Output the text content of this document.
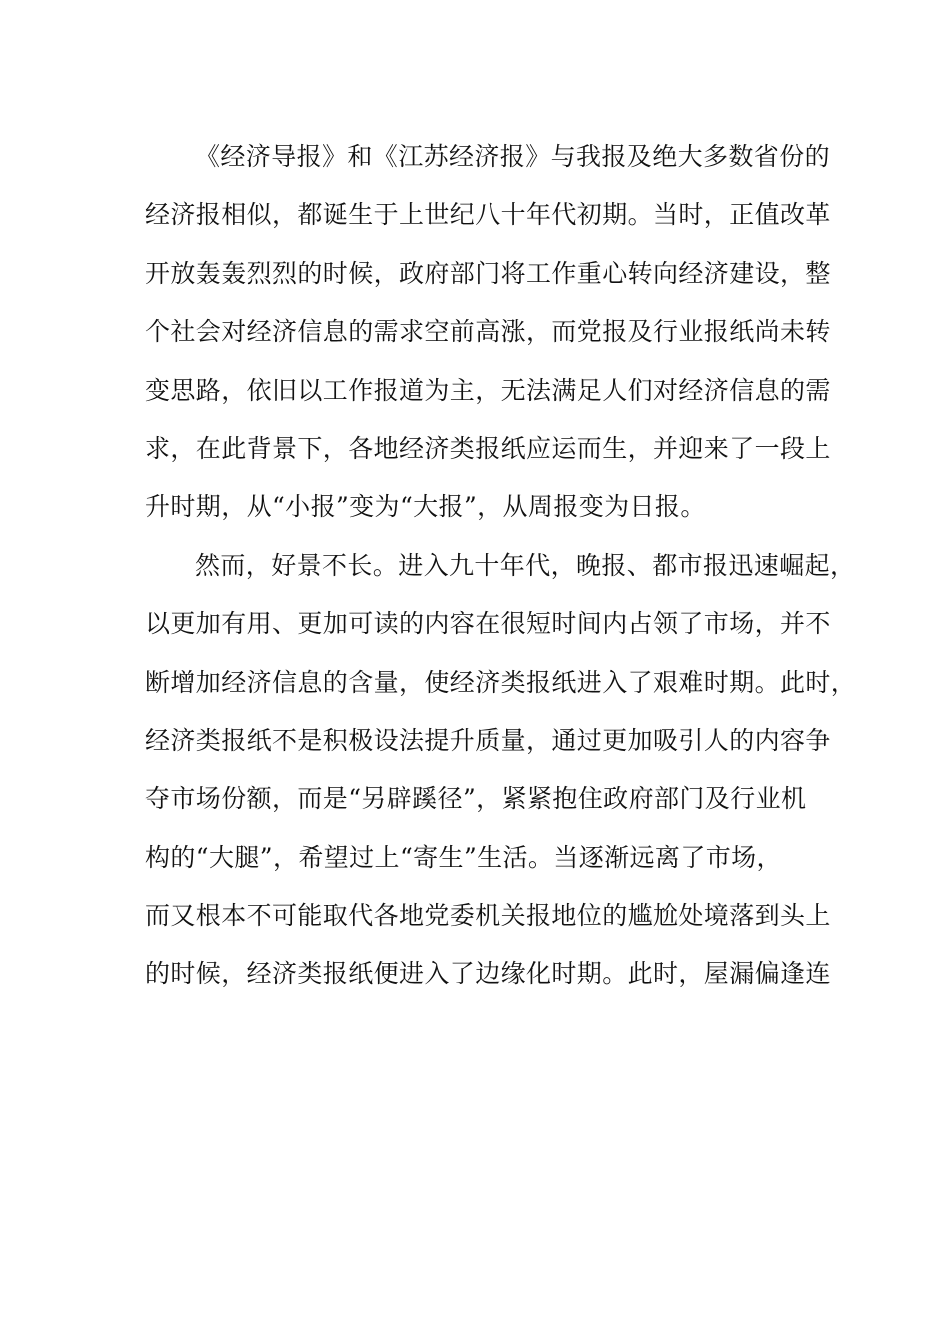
《经济导报》和《江苏经济报》与我报及绝大多数省份的
经济报相似，都诞生于上世纪八十年代初期。当时，正值改革
开放轰轰烈烈的时候，政府部门将工作重心转向经济建设，整
个社会对经济信息的需求空前高涨，而党报及行业报纸尚未转
变思路，依旧以工作报道为主，无法满足人们对经济信息的需
求，在此背景下，各地经济类报纸应运而生，并迎来了一段上
升时期，从“小报”变为“大报”，从周报变为日报。
然而，好景不长。进入九十年代，晚报、都市报迅速崛起，
以更加有用、更加可读的内容在很短时间内占领了市场，并不
断增加经济信息的含量，使经济类报纸进入了艰难时期。此时，
经济类报纸不是积极设法提升质量，通过更加吸引人的内容争
夺市场份额，而是“另辟蹊径”，紧紧抱住政府部门及行业机
构的“大腿”，希望过上“寄生”生活。当逐渐远离了市场，
而又根本不可能取代各地党委机关报地位的尴尬处境落到头上
的时候，经济类报纸便进入了边缘化时期。此时，屋漏偏逢连
